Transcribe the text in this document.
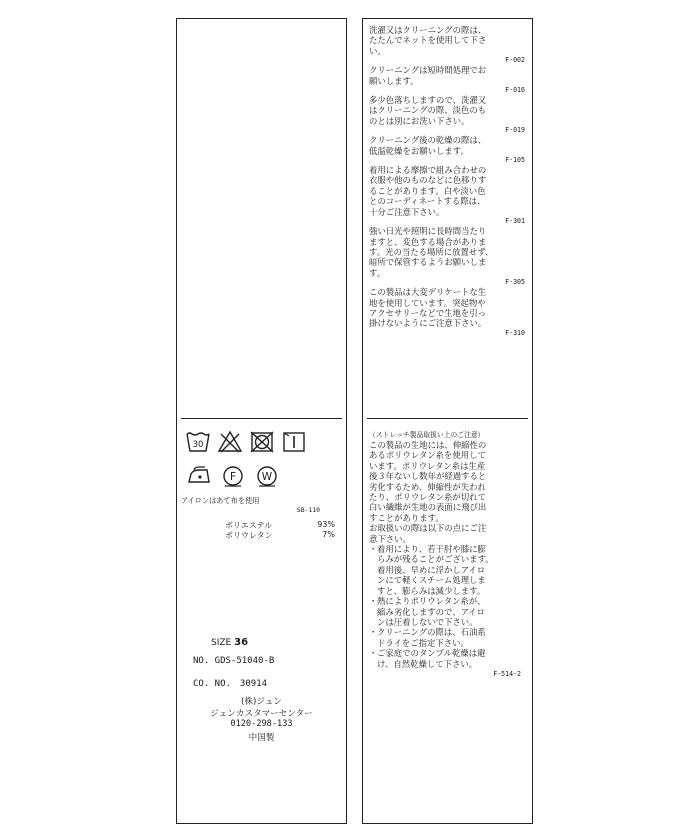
30
F W
アイロンはあて布を使用
SB-110
ポリエステル	93%
ポリウレタン	7%
SIZE 36
NO. GDS-51040-B
CO. NO.　30914
(株)ジュン
ジュンカスタマーセンター
0120-298-133
中国製
洗濯又はクリーニングの際は、
たたんでネットを使用して下さ
い。
F-002
クリーニングは短時間処理でお
願いします。
F-016
多少色落ちしますので、洗濯又
はクリーニングの際、淡色のも
のとは別にお洗い下さい。
F-019
クリーニング後の乾燥の際は、
低温乾燥をお願いします。
F-105
着用による摩擦で組み合わせの
衣服や他のものなどに色移りす
ることがあります。白や淡い色
とのコーディネートする際は、
十分ご注意下さい。
F-301
強い日光や照明に長時間当たり
ますと、変色する場合がありま
す。光の当たる場所に放置せず、
暗所で保管するようお願いしま
す。
F-305
この製品は大変デリケートな生
地を使用しています。突起物や
アクセサリーなどで生地を引っ
掛けないようにご注意下さい。
F-310
（ストレッチ製品取扱い上のご注意）
この製品の生地には、伸縮性の
あるポリウレタン糸を使用して
います。ポリウレタン糸は生産
後３年ないし数年が経過すると
劣化するため、伸縮性が失われ
たり、ポリウレタン糸が切れて
白い繊維が生地の表面に飛び出
すことがあります。
お取扱いの際は以下の点にご注
意下さい。
・ 着用により、若干肘や膝に膨
らみが残ることがございます。
着用後、早めに浮かしアイロ
ンにて軽くスチーム処理しま
すと、膨らみは減少します。
・ 熱によりポリウレタン糸が、
縮み劣化しますので、アイロ
ンは圧着しないで下さい。
・ クリーニングの際は、石油系
ドライをご指定下さい。
・ ご家庭でのタンブル乾燥は避
け、自然乾燥して下さい。
F-514-2
